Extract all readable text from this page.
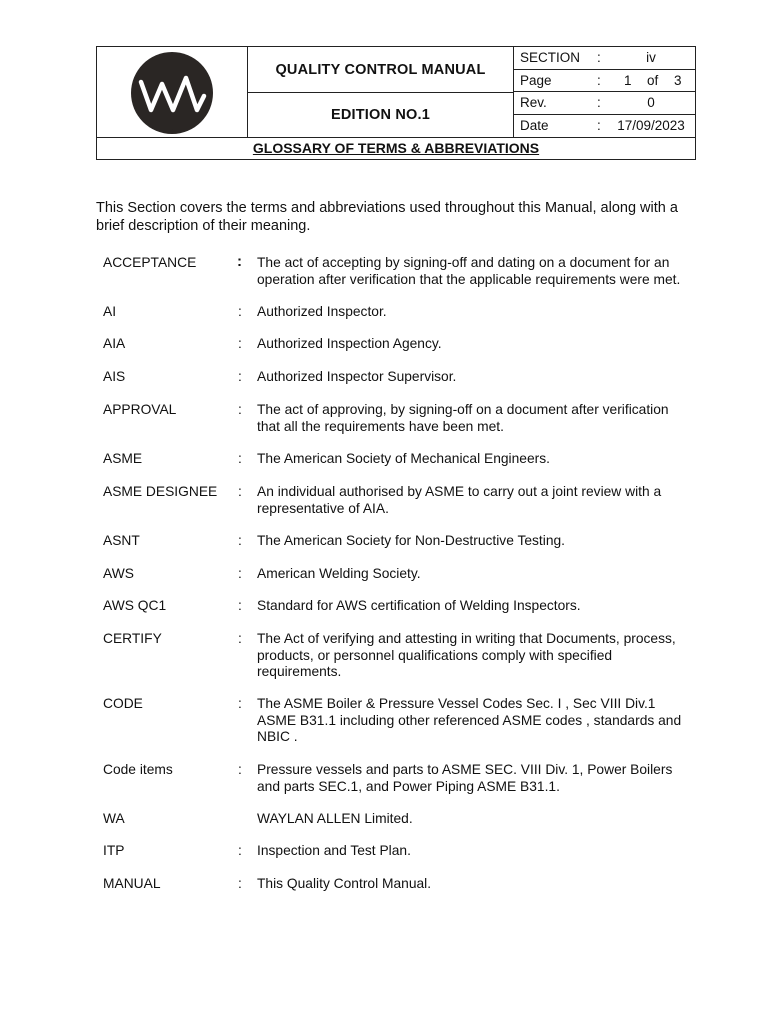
WA
QUALITY CONTROL MANUAL
EDITION NO.1
SECTION :	iv
Page	: 1 of 3
Rev.	:	0
Date	:	17/09/2023
GLOSSARY OF TERMS & ABBREVIATIONS
This Section covers the terms and abbreviations used throughout this Manual, along with a brief description of their meaning.
ACCEPTANCE	: The act of accepting by signing-off and dating on a document for an operation after verification that the applicable requirements were met.
AI	: Authorized Inspector.
AIA	: Authorized Inspection Agency.
AIS	: Authorized Inspector Supervisor.
APPROVAL	: The act of approving, by signing-off on a document after verification that all the requirements have been met.
ASME	: The American Society of Mechanical Engineers.
ASME DESIGNEE : An individual authorised by ASME to carry out a joint review with a representative of AIA.
ASNT	: The American Society for Non-Destructive Testing.
AWS	: American Welding Society.
AWS QC1	: Standard for AWS certification of Welding Inspectors.
CERTIFY	: The Act of verifying and attesting in writing that Documents, process, products, or personnel qualifications comply with specified requirements.
CODE	: The ASME Boiler & Pressure Vessel Codes Sec. I , Sec VIII Div.1 ASME B31.1 including other referenced ASME codes , standards and NBIC .
Code items	: Pressure vessels and parts to ASME SEC. VIII Div. 1, Power Boilers and parts SEC.1, and Power Piping ASME B31.1.
WA	WAYLAN ALLEN Limited.
ITP	: Inspection and Test Plan.
MANUAL	: This Quality Control Manual.
